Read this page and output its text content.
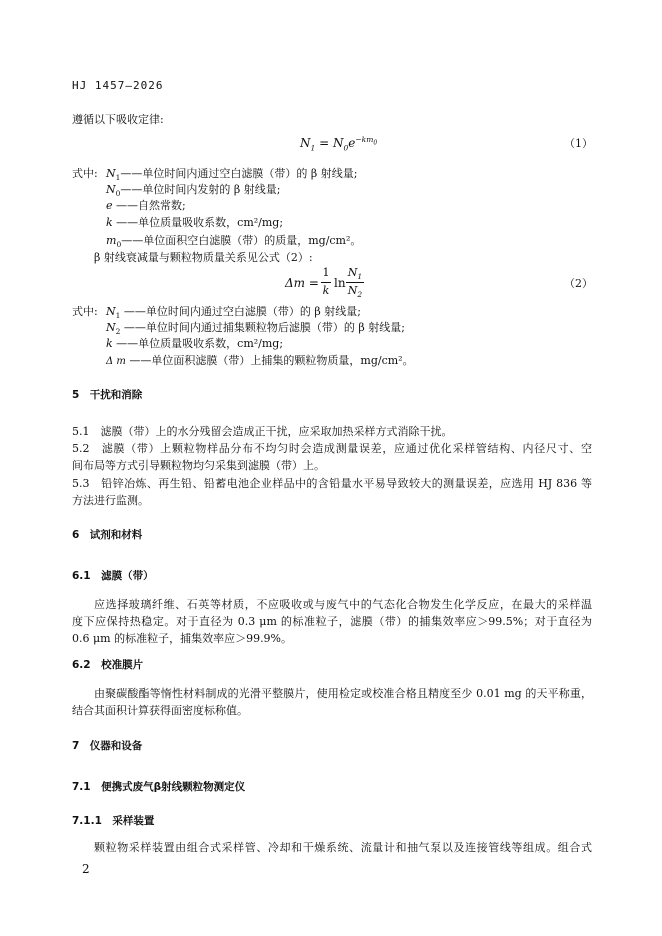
HJ 1457—2026
遵循以下吸收定律:
$N_1 = N_0e^{-km_0}$	（1）
式中: $N_1——$单位时间内通过空白滤膜（带）的 β 射线量;
$N_0——$单位时间内发射的 β 射线量;
e ——自然常数;
k ——单位质量吸收系数，cm²/mg;
$m_0——$单位面积空白滤膜（带）的质量，mg/cm²。
β 射线衰减量与颗粒物质量关系见公式（2）:
Δm =
1
k
ln
$N_1$
$N_2$
（2）
式中: $N_1$ ——单位时间内通过空白滤膜（带）的 β 射线量;
$N_2$ ——单位时间内通过捕集颗粒物后滤膜（带）的 β 射线量;
k ——单位质量吸收系数，cm²/mg;
Δ m ——单位面积滤膜（带）上捕集的颗粒物质量，mg/cm²。
5　干扰和消除
5.1　滤膜（带）上的水分残留会造成正干扰，应采取加热采样方式消除干扰。
5.2　滤膜（带）上颗粒物样品分布不均匀时会造成测量误差，应通过优化采样管结构、内径尺寸、空
间布局等方式引导颗粒物均匀采集到滤膜（带）上。
5.3　铅锌冶炼、再生铅、铅蓄电池企业样品中的含铅量水平易导致较大的测量误差，应选用 HJ 836 等
方法进行监测。
6　试剂和材料
6.1　滤膜（带）
应选择玻璃纤维、石英等材质，不应吸收或与废气中的气态化合物发生化学反应，在最大的采样温
度下应保持热稳定。对于直径为 0.3 μm 的标准粒子，滤膜（带）的捕集效率应＞99.5%；对于直径为
0.6 μm 的标准粒子，捕集效率应＞99.9%。
6.2　校准膜片
由聚碳酸酯等惰性材料制成的光滑平整膜片，使用检定或校准合格且精度至少 0.01 mg 的天平称重，
结合其面积计算获得面密度标称值。
7　仪器和设备
7.1　便携式废气β射线颗粒物测定仪
7.1.1　采样装置
颗粒物采样装置由组合式采样管、冷却和干燥系统、流量计和抽气泵以及连接管线等组成。组合式
2
